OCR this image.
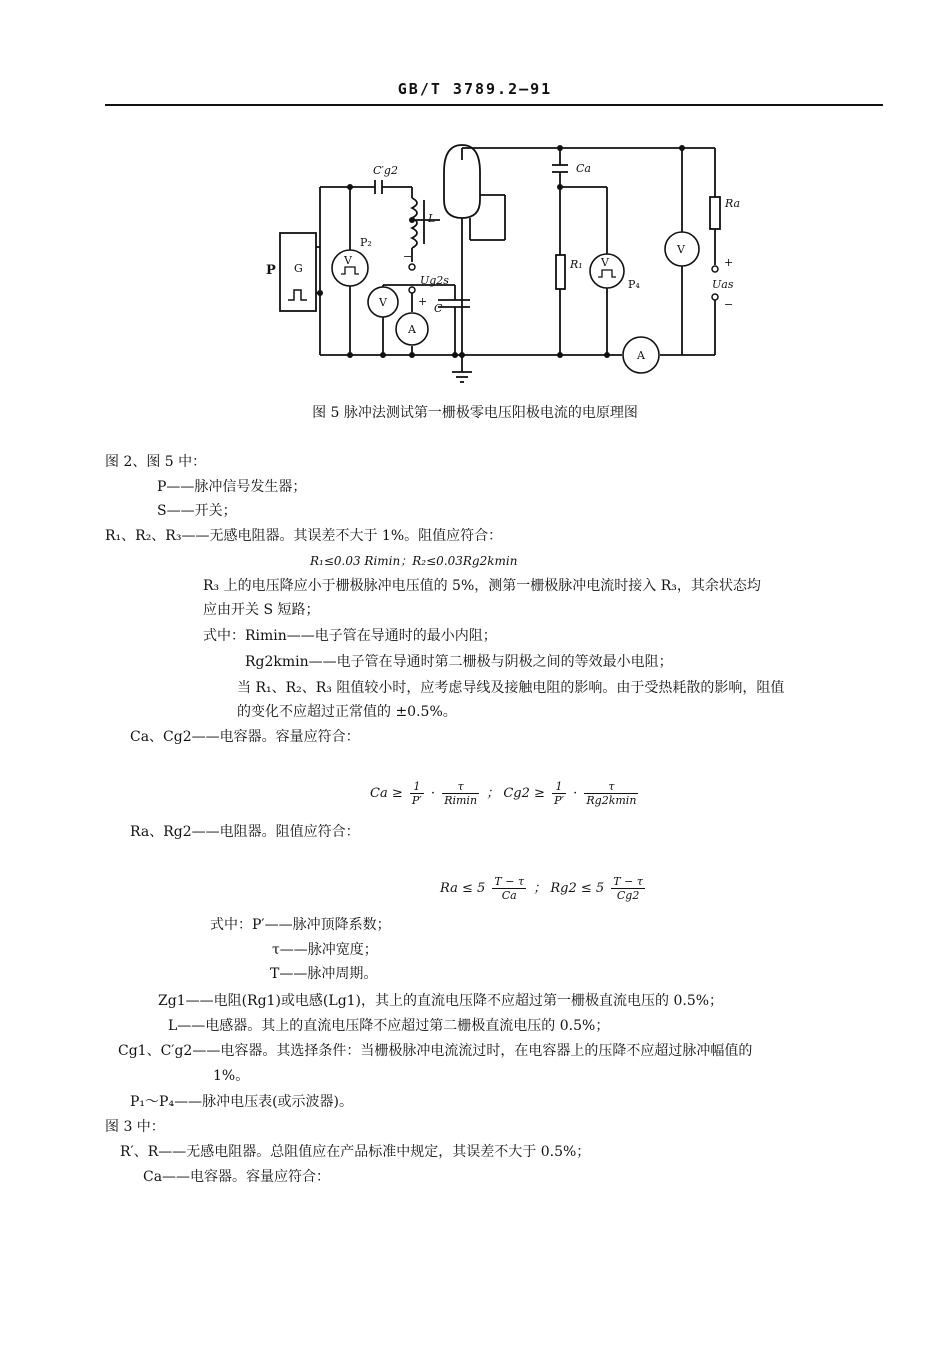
GB/T 3789.2—91
G
P
C′g2	Ca
Ra
L
P₂
Ug2s
C
R₁
P₄	Uas
V
V
V
V
A
A
−
+
+
−
图 5 脉冲法测试第一栅极零电压阳极电流的电原理图
图 2、图 5 中：
P——脉冲信号发生器；
S——开关；
R₁、R₂、R₃——无感电阻器。其误差不大于 1%。阻值应符合：
R₁≤0.03 Rimin；R₂≤0.03Rg2kmin
R₃ 上的电压降应小于栅极脉冲电压值的 5%，测第一栅极脉冲电流时接入 R₃，其余状态均
应由开关 S 短路；
式中：Rimin——电子管在导通时的最小内阻；
Rg2kmin——电子管在导通时第二栅极与阴极之间的等效最小电阻；
当 R₁、R₂、R₃ 阻值较小时，应考虑导线及接触电阻的影响。由于受热耗散的影响，阻值
的变化不应超过正常值的 ±0.5%。
Ca、Cg2——电容器。容量应符合：
$Ca \ge \frac{1}{P'} \cdot \frac{\tau}{Rimin}$ ； $Cg2 \ge \frac{1}{P'} \cdot \frac{\tau}{Rg2kmin}$
Ra、Rg2——电阻器。阻值应符合：
$Ra \le 5 \frac{T - \tau}{Ca}$ ； $Rg2 \le 5 \frac{T - \tau}{Cg2}$
式中：P′——脉冲顶降系数；
τ——脉冲宽度；
T——脉冲周期。
Zg1——电阻(Rg1)或电感(Lg1)，其上的直流电压降不应超过第一栅极直流电压的 0.5%；
L——电感器。其上的直流电压降不应超过第二栅极直流电压的 0.5%；
Cg1、C′g2——电容器。其选择条件：当栅极脉冲电流流过时，在电容器上的压降不应超过脉冲幅值的
1%。
P₁～P₄——脉冲电压表(或示波器)。
图 3 中：
R′、R——无感电阻器。总阻值应在产品标准中规定，其误差不大于 0.5%；
Ca——电容器。容量应符合：
